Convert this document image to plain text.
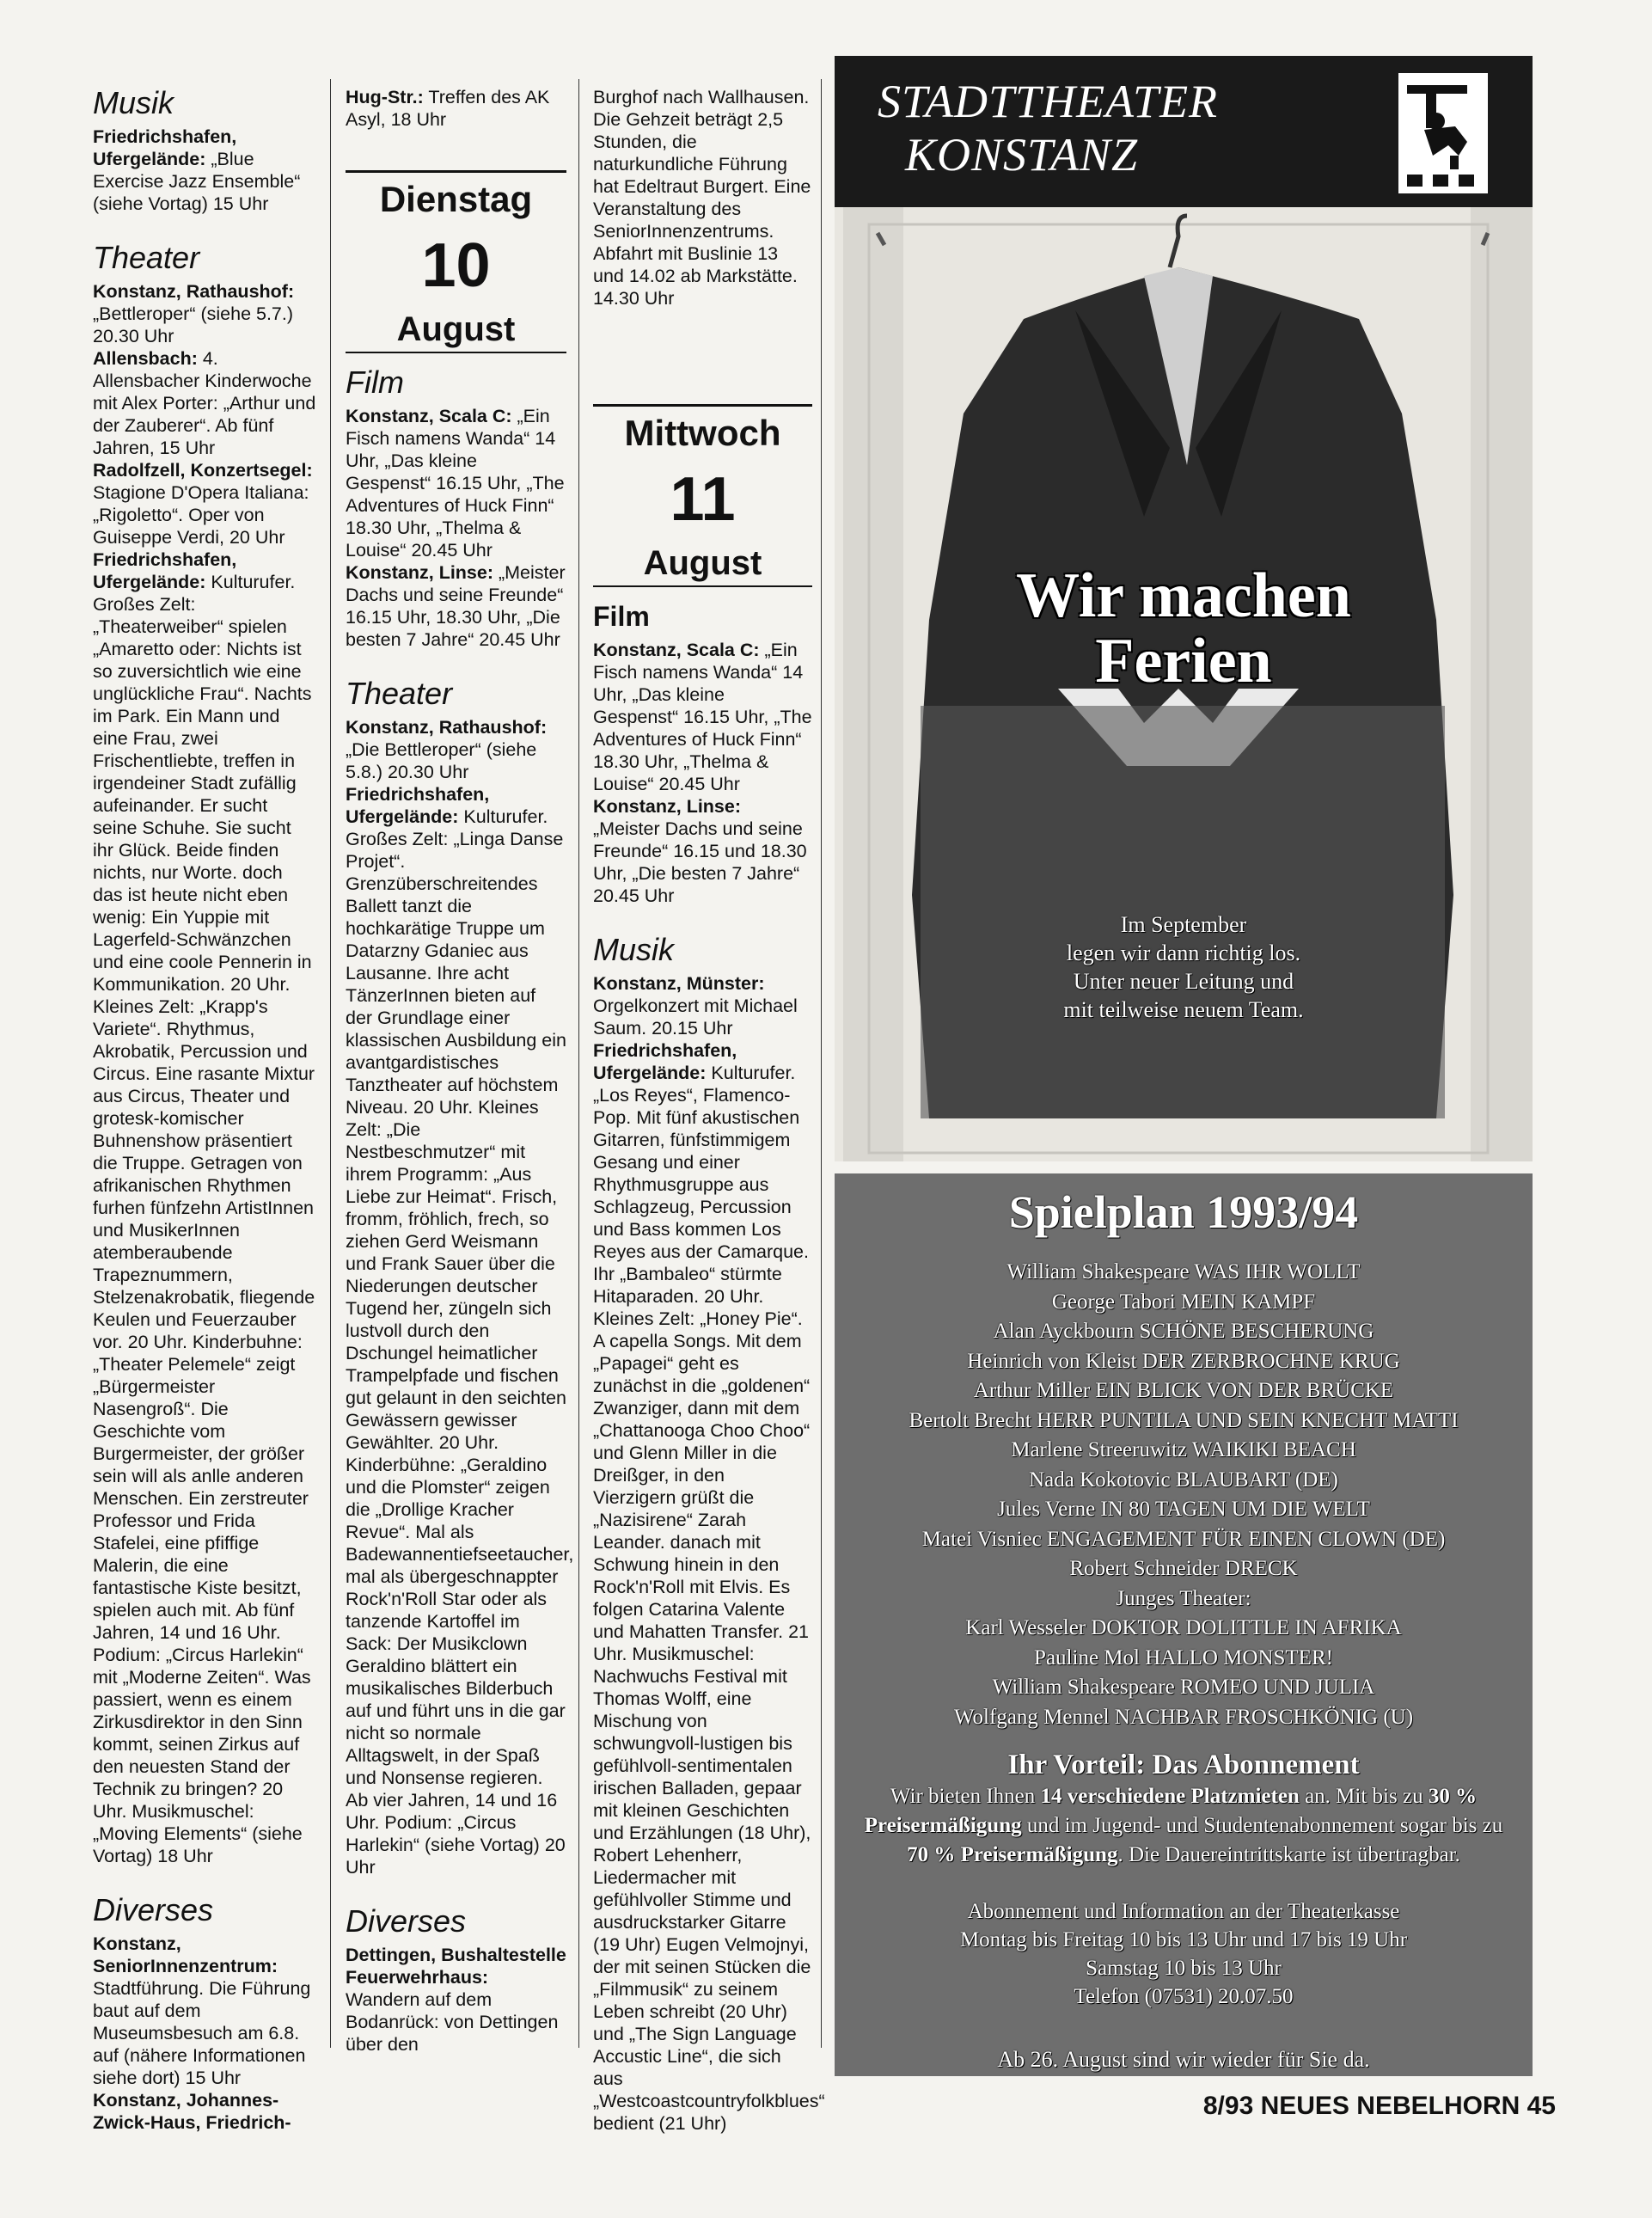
Musik

Friedrichshafen, Ufergelände: „Blue Exercise Jazz Ensemble“ (siehe Vortag) 15 Uhr

Theater

Konstanz, Rathaushof: „Bettleroper“ (siehe 5.7.) 20.30 Uhr

Allensbach: 4. Allensbacher Kinderwoche mit Alex Porter: „Arthur und der Zauberer“. Ab fünf Jahren, 15 Uhr

Radolfzell, Konzertsegel: Stagione D'Opera Italiana: „Rigoletto“. Oper von Guiseppe Verdi, 20 Uhr

Friedrichshafen, Ufergelände: Kulturufer. Großes Zelt: „Theaterweiber“ spielen „Amaretto oder: Nichts ist so zuversichtlich wie eine unglückliche Frau“. Nachts im Park. Ein Mann und eine Frau, zwei Frischentliebte, treffen in irgendeiner Stadt zufällig aufeinander. Er sucht seine Schuhe. Sie sucht ihr Glück. Beide finden nichts, nur Worte. doch das ist heute nicht eben wenig: Ein Yuppie mit Lagerfeld-Schwänzchen und eine coole Pennerin in Kommunikation. 20 Uhr. Kleines Zelt: „Krapp's Variete“. Rhythmus, Akrobatik, Percussion und Circus. Eine rasante Mixtur aus Circus, Theater und grotesk-komischer Buhnenshow präsentiert die Truppe. Getragen von afrikanischen Rhythmen furhen fünfzehn ArtistInnen und MusikerInnen atemberaubende Trapeznummern, Stelzenakrobatik, fliegende Keulen und Feuerzauber vor. 20 Uhr. Kinderbuhne: „Theater Pelemele“ zeigt „Bürgermeister Nasengroß“. Die Geschichte vom Burgermeister, der größer sein will als anlle anderen Menschen. Ein zerstreuter Professor und Frida Stafelei, eine pfiffige Malerin, die eine fantastische Kiste besitzt, spielen auch mit. Ab fünf Jahren, 14 und 16 Uhr. Podium: „Circus Harlekin“ mit „Moderne Zeiten“. Was passiert, wenn es einem Zirkusdirektor in den Sinn kommt, seinen Zirkus auf den neuesten Stand der Technik zu bringen? 20 Uhr. Musikmuschel: „Moving Elements“ (siehe Vortag) 18 Uhr

Diverses

Konstanz, SeniorInnenzentrum: Stadtführung. Die Führung baut auf dem Museumsbesuch am 6.8. auf (nähere Informationen siehe dort) 15 Uhr

Konstanz, Johannes-Zwick-Haus, Friedrich-

Hug-Str.: Treffen des AK Asyl, 18 Uhr

Dienstag
10
August
Film

Konstanz, Scala C: „Ein Fisch namens Wanda“ 14 Uhr, „Das kleine Gespenst“ 16.15 Uhr, „The Adventures of Huck Finn“ 18.30 Uhr, „Thelma & Louise“ 20.45 Uhr

Konstanz, Linse: „Meister Dachs und seine Freunde“ 16.15 Uhr, 18.30 Uhr, „Die besten 7 Jahre“ 20.45 Uhr

Theater

Konstanz, Rathaushof: „Die Bettleroper“ (siehe 5.8.) 20.30 Uhr

Friedrichshafen, Ufergelände: Kulturufer. Großes Zelt: „Linga Danse Projet“. Grenzüberschreitendes Ballett tanzt die hochkarätige Truppe um Datarzny Gdaniec aus Lausanne. Ihre acht TänzerInnen bieten auf der Grundlage einer klassischen Ausbildung ein avantgardistisches Tanztheater auf höchstem Niveau. 20 Uhr. Kleines Zelt: „Die Nestbeschmutzer“ mit ihrem Programm: „Aus Liebe zur Heimat“. Frisch, fromm, fröhlich, frech, so ziehen Gerd Weismann und Frank Sauer über die Niederungen deutscher Tugend her, züngeln sich lustvoll durch den Dschungel heimatlicher Trampelpfade und fischen gut gelaunt in den seichten Gewässern gewisser Gewählter. 20 Uhr. Kinderbühne: „Geraldino und die Plomster“ zeigen die „Drollige Kracher Revue“. Mal als Badewannentiefseetaucher, mal als übergeschnappter Rock'n'Roll Star oder als tanzende Kartoffel im Sack: Der Musikclown Geraldino blättert ein musikalisches Bilderbuch auf und führt uns in die gar nicht so normale Alltagswelt, in der Spaß und Nonsense regieren. Ab vier Jahren, 14 und 16 Uhr. Podium: „Circus Harlekin“ (siehe Vortag) 20 Uhr

Diverses

Dettingen, Bushaltestelle Feuerwehrhaus: Wandern auf dem Bodanrück: von Dettingen über den

Burghof nach Wallhausen. Die Gehzeit beträgt 2,5 Stunden, die naturkundliche Führung hat Edeltraut Burgert. Eine Veranstaltung des SeniorInnenzentrums. Abfahrt mit Buslinie 13 und 14.02 ab Markstätte. 14.30 Uhr

Mittwoch
11
August
Film

Konstanz, Scala C: „Ein Fisch namens Wanda“ 14 Uhr, „Das kleine Gespenst“ 16.15 Uhr, „The Adventures of Huck Finn“ 18.30 Uhr, „Thelma & Louise“ 20.45 Uhr

Konstanz, Linse: „Meister Dachs und seine Freunde“ 16.15 und 18.30 Uhr, „Die besten 7 Jahre“ 20.45 Uhr

Musik

Konstanz, Münster: Orgelkonzert mit Michael Saum. 20.15 Uhr

Friedrichshafen, Ufergelände: Kulturufer. „Los Reyes“, Flamenco-Pop. Mit fünf akustischen Gitarren, fünfstimmigem Gesang und einer Rhythmusgruppe aus Schlagzeug, Percussion und Bass kommen Los Reyes aus der Camarque. Ihr „Bambaleo“ stürmte Hitaparaden. 20 Uhr. Kleines Zelt: „Honey Pie“. A capella Songs. Mit dem „Papagei“ geht es zunächst in die „goldenen“ Zwanziger, dann mit dem „Chattanooga Choo Choo“ und Glenn Miller in die Dreißger, in den Vierzigern grüßt die „Nazisirene“ Zarah Leander. danach mit Schwung hinein in den Rock'n'Roll mit Elvis. Es folgen Catarina Valente und Mahatten Transfer. 21 Uhr. Musikmuschel: Nachwuchs Festival mit Thomas Wolff, eine Mischung von schwungvoll-lustigen bis gefühlvoll-sentimentalen irischen Balladen, gepaar mit kleinen Geschichten und Erzählungen (18 Uhr), Robert Lehenherr, Liedermacher mit gefühlvoller Stimme und ausdruckstarker Gitarre (19 Uhr) Eugen Velmojnyi, der mit seinen Stücken die „Filmmusik“ zu seinem Leben schreibt (20 Uhr) und „The Sign Language Accustic Line“, die sich aus „Westcoastcountryfolkblues“ bedient (21 Uhr)

STADTTHEATER
KONSTANZ
Wir machen
Ferien
Im September
legen wir dann richtig los.
Unter neuer Leitung und
mit teilweise neuem Team.
Spielplan 1993/94
William Shakespeare WAS IHR WOLLT
George Tabori MEIN KAMPF
Alan Ayckbourn SCHÖNE BESCHERUNG
Heinrich von Kleist DER ZERBROCHNE KRUG
Arthur Miller EIN BLICK VON DER BRÜCKE
Bertolt Brecht HERR PUNTILA UND SEIN KNECHT MATTI
Marlene Streeruwitz WAIKIKI BEACH
Nada Kokotovic BLAUBART (DE)
Jules Verne IN 80 TAGEN UM DIE WELT
Matei Visniec ENGAGEMENT FÜR EINEN CLOWN (DE)
Robert Schneider DRECK
Junges Theater:
Karl Wesseler DOKTOR DOLITTLE IN AFRIKA
Pauline Mol HALLO MONSTER!
William Shakespeare ROMEO UND JULIA
Wolfgang Mennel NACHBAR FROSCHKÖNIG (U)
Ihr Vorteil: Das Abonnement
Wir bieten Ihnen 14 verschiedene Platzmieten an. Mit bis zu 30 % Preisermäßigung und im Jugend- und Studentenabonnement sogar bis zu 70 % Preisermäßigung. Die Dauereintrittskarte ist übertragbar.
Abonnement und Information an der Theaterkasse
Montag bis Freitag 10 bis 13 Uhr und 17 bis 19 Uhr
Samstag 10 bis 13 Uhr
Telefon (07531) 20.07.50
Ab 26. August sind wir wieder für Sie da.
8/93 NEUES NEBELHORN 45
